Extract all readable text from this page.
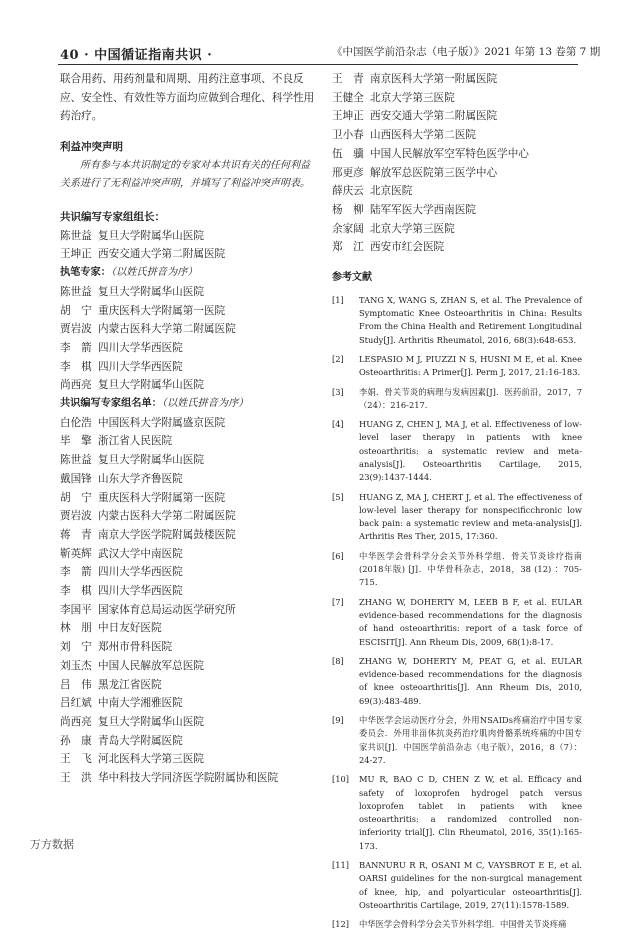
40 · 中国循证指南共识 ·	《中国医学前沿杂志（电子版）》2021 年第 13 卷第 7 期
联合用药、用药剂量和周期、用药注意事项、不良反应、安全性、有效性等方面均应做到合理化、科学性用药治疗。
利益冲突声明
所有参与本共识制定的专家对本共识有关的任何利益关系进行了无利益冲突声明，并填写了利益冲突声明表。
共识编写专家组组长：
陈世益 复旦大学附属华山医院
王坤正 西安交通大学第二附属医院
执笔专家：（以姓氏拼音为序）
陈世益 复旦大学附属华山医院
胡　宁 重庆医科大学附属第一医院
贾岩波 内蒙古医科大学第二附属医院
李　箭 四川大学华西医院
李　棋 四川大学华西医院
尚西亮 复旦大学附属华山医院
共识编写专家组名单：（以姓氏拼音为序）
白伦浩 中国医科大学附属盛京医院
毕　擎 浙江省人民医院
陈世益 复旦大学附属华山医院
戴国锋 山东大学齐鲁医院
胡　宁 重庆医科大学附属第一医院
贾岩波 内蒙古医科大学第二附属医院
蒋　青 南京大学医学院附属鼓楼医院
靳英辉 武汉大学中南医院
李　箭 四川大学华西医院
李　棋 四川大学华西医院
李国平 国家体育总局运动医学研究所
林　朋 中日友好医院
刘　宁 郑州市骨科医院
刘玉杰 中国人民解放军总医院
吕　伟 黑龙江省医院
吕红斌 中南大学湘雅医院
尚西亮 复旦大学附属华山医院
孙　康 青岛大学附属医院
王　飞 河北医科大学第三医院
王　洪 华中科技大学同济医学院附属协和医院
王　青 南京医科大学第一附属医院
王健全 北京大学第三医院
王坤正 西安交通大学第二附属医院
卫小春 山西医科大学第二医院
伍　骥 中国人民解放军空军特色医学中心
邢更彦 解放军总医院第三医学中心
薛庆云 北京医院
杨　柳 陆军军医大学西南医院
余家阔 北京大学第三医院
郑　江 西安市红会医院
参考文献
[1]	TANG X, WANG S, ZHAN S, et al. The Prevalence of Symptomatic Knee Osteoarthritis in China: Results From the China Health and Retirement Longitudinal Study[J]. Arthritis Rheumatol, 2016, 68(3):648-653.
[2]	LESPASIO M J, PIUZZI N S, HUSNI M E, et al. Knee Osteoarthritis: A Primer[J]. Perm J, 2017, 21:16-183.
[3]	李娟．骨关节炎的病理与发病因素[J]．医药前沿，2017，7（24）：216-217.
[4]	HUANG Z, CHEN J, MA J, et al. Effectiveness of low-level laser therapy in patients with knee osteoarthritis: a systematic review and meta-analysis[J]. Osteoarthritis Cartilage, 2015, 23(9):1437-1444.
[5]	HUANG Z, MA J, CHERT J, et al. The effectiveness of low-level laser therapy for nonspecificchronic low back pain: a systematic review and meta-analysis[J]. Arthritis Res Ther, 2015, 17:360.
[6]	中华医学会骨科学分会关节外科学组．骨关节炎诊疗指南(2018年版) [J]．中华骨科杂志，2018，38 (12) ：705-715.
[7]	ZHANG W, DOHERTY M, LEEB B F, et al. EULAR evidence-based recommendations for the diagnosis of hand osteoarthritis: report of a task force of ESCISIT[J]. Ann Rheum Dis, 2009, 68(1):8-17.
[8]	ZHANG W, DOHERTY M, PEAT G, et al. EULAR evidence-based recommendations for the diagnosis of knee osteoarthritis[J]. Ann Rheum Dis, 2010, 69(3):483-489.
[9]	中华医学会运动医疗分会，外用NSAIDs疼痛治疗中国专家委员会．外用非甾体抗炎药治疗肌肉骨骼系统疼痛的中国专家共识[J]．中国医学前沿杂志（电子版），2016，8（7）：24-27.
[10]	MU R, BAO C D, CHEN Z W, et al. Efficacy and safety of loxoprofen hydrogel patch versus loxoprofen tablet in patients with knee osteoarthritis: a randomized controlled non-inferiority trial[J]. Clin Rheumatol, 2016, 35(1):165-173.
[11]	BANNURU R R, OSANI M C, VAYSBROT E E, et al. OARSI guidelines for the non-surgical management of knee, hip, and polyarticular osteoarthritis[J]. Osteoarthritis Cartilage, 2019, 27(11):1578-1589.
[12]	中华医学会骨科学分会关节外科学组．中国骨关节炎疼痛
万方数据
